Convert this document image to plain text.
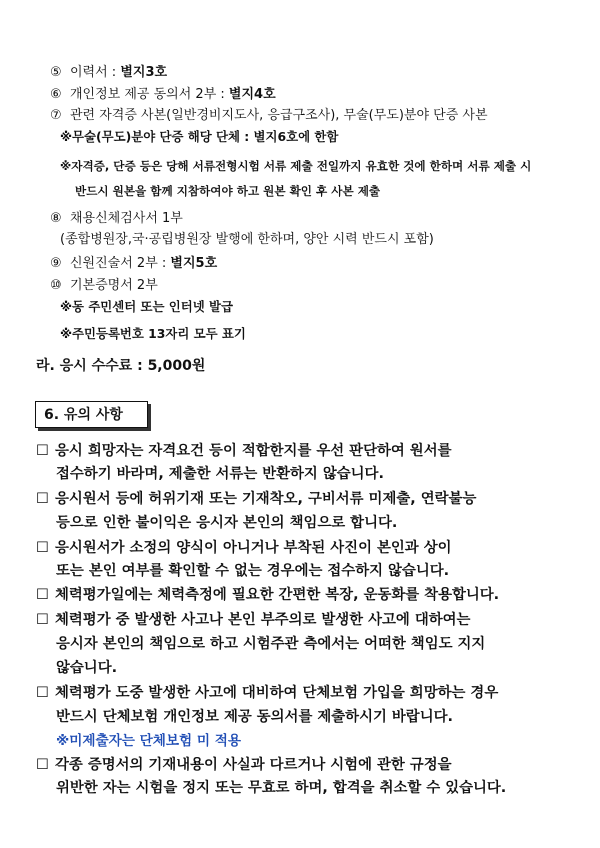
⑤ 이력서 : 별지3호
⑥ 개인정보 제공 동의서 2부 : 별지4호
⑦ 관련 자격증 사본(일반경비지도사, 응급구조사), 무술(무도)분야 단증 사본
※무술(무도)분야 단증 해당 단체 : 별지6호에 한함
※자격증, 단증 등은 당해 서류전형시험 서류 제출 전일까지 유효한 것에 한하며 서류 제출 시
반드시 원본을 함께 지참하여야 하고 원본 확인 후 사본 제출
⑧ 채용신체검사서 1부
(종합병원장,국·공립병원장 발행에 한하며, 양안 시력 반드시 포함)
⑨ 신원진술서 2부 : 별지5호
⑩ 기본증명서 2부
※동 주민센터 또는 인터넷 발급
※주민등록번호 13자리 모두 표기
라. 응시 수수료 : 5,000원
6. 유의 사항
☐ 응시 희망자는 자격요건 등이 적합한지를 우선 판단하여 원서를
접수하기 바라며, 제출한 서류는 반환하지 않습니다.
☐ 응시원서 등에 허위기재 또는 기재착오, 구비서류 미제출, 연락불능
등으로 인한 불이익은 응시자 본인의 책임으로 합니다.
☐ 응시원서가 소정의 양식이 아니거나 부착된 사진이 본인과 상이
또는 본인 여부를 확인할 수 없는 경우에는 접수하지 않습니다.
☐ 체력평가일에는 체력측정에 필요한 간편한 복장, 운동화를 착용합니다.
☐ 체력평가 중 발생한 사고나 본인 부주의로 발생한 사고에 대하여는
응시자 본인의 책임으로 하고 시험주관 측에서는 어떠한 책임도 지지
않습니다.
☐ 체력평가 도중 발생한 사고에 대비하여 단체보험 가입을 희망하는 경우
반드시 단체보험 개인정보 제공 동의서를 제출하시기 바랍니다.
※미제출자는 단체보험 미 적용
☐ 각종 증명서의 기재내용이 사실과 다르거나 시험에 관한 규정을
위반한 자는 시험을 정지 또는 무효로 하며, 합격을 취소할 수 있습니다.
